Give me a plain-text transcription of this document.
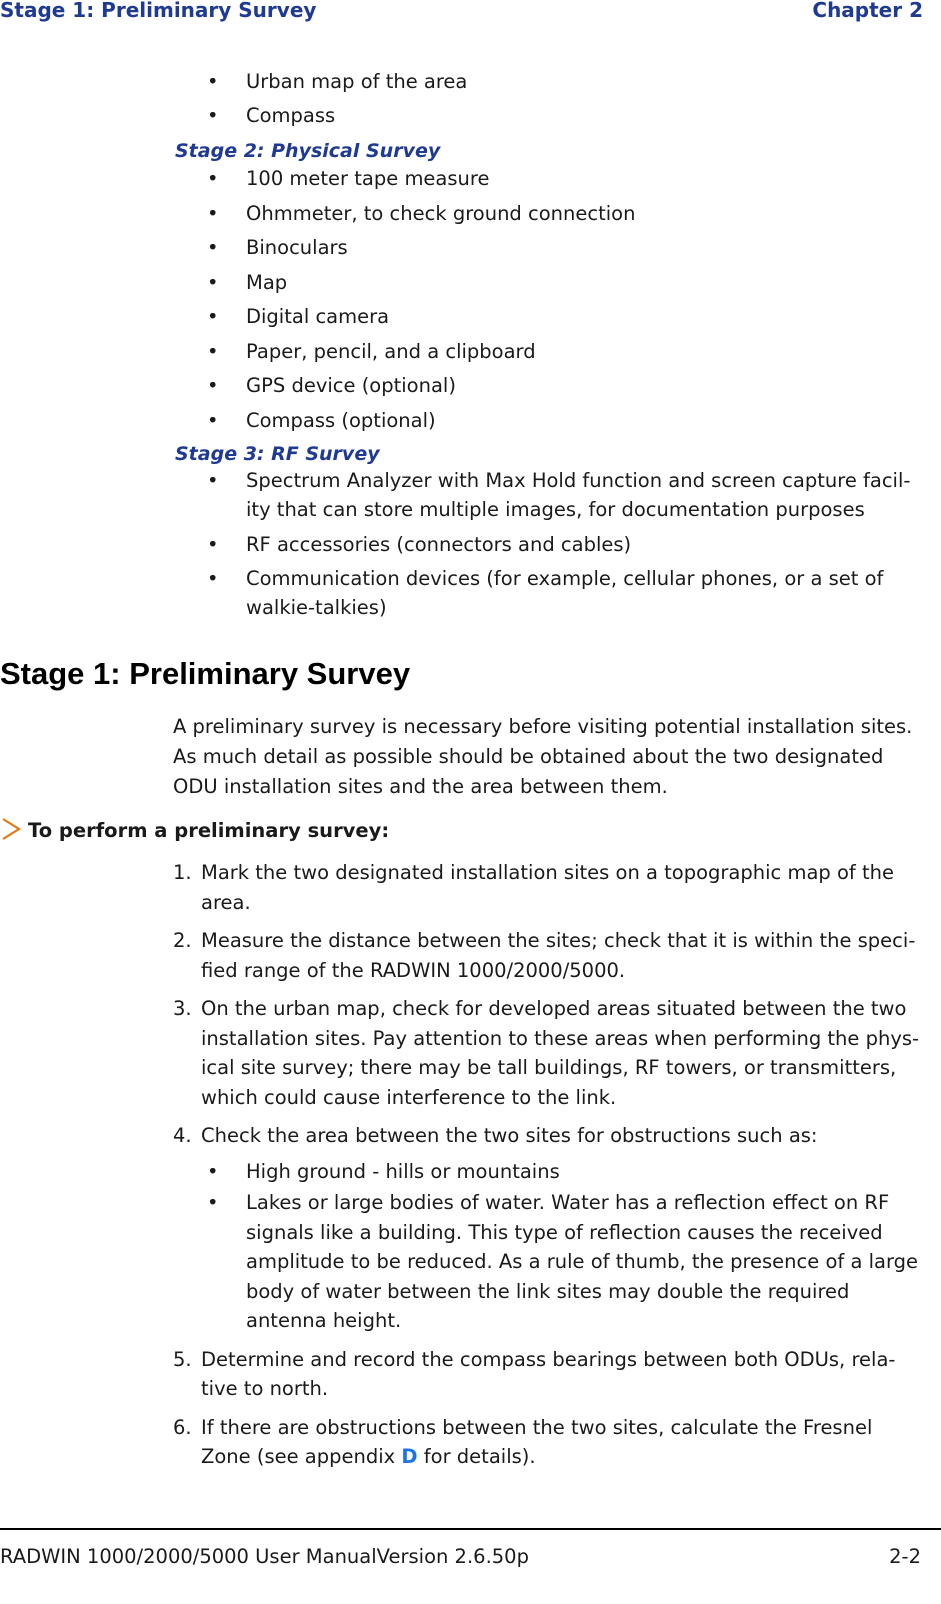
Stage 1: Preliminary Survey	Chapter 2
• Urban map of the area
• Compass
Stage 2: Physical Survey
• 100 meter tape measure
• Ohmmeter, to check ground connection
• Binoculars
• Map
• Digital camera
• Paper, pencil, and a clipboard
• GPS device (optional)
• Compass (optional)
Stage 3: RF Survey
• Spectrum Analyzer with Max Hold function and screen capture facil-ity that can store multiple images, for documentation purposes
• RF accessories (connectors and cables)
• Communication devices (for example, cellular phones, or a set of walkie-talkies)
Stage 1: Preliminary Survey

A preliminary survey is necessary before visiting potential installation sites. As much detail as possible should be obtained about the two designated ODU installation sites and the area between them.

To perform a preliminary survey:
1. Mark the two designated installation sites on a topographic map of the area.
2. Measure the distance between the sites; check that it is within the speci-fied range of the RADWIN 1000/2000/5000.
3. On the urban map, check for developed areas situated between the two installation sites. Pay attention to these areas when performing the phys-ical site survey; there may be tall buildings, RF towers, or transmitters, which could cause interference to the link.
4. Check the area between the two sites for obstructions such as:
• High ground - hills or mountains
• Lakes or large bodies of water. Water has a reflection effect on RF signals like a building. This type of reflection causes the received amplitude to be reduced. As a rule of thumb, the presence of a large body of water between the link sites may double the required antenna height.
5. Determine and record the compass bearings between both ODUs, rela-tive to north.
6. If there are obstructions between the two sites, calculate the Fresnel Zone (see appendix D for details).
RADWIN 1000/2000/5000 User ManualVersion 2.6.50p	2-2
